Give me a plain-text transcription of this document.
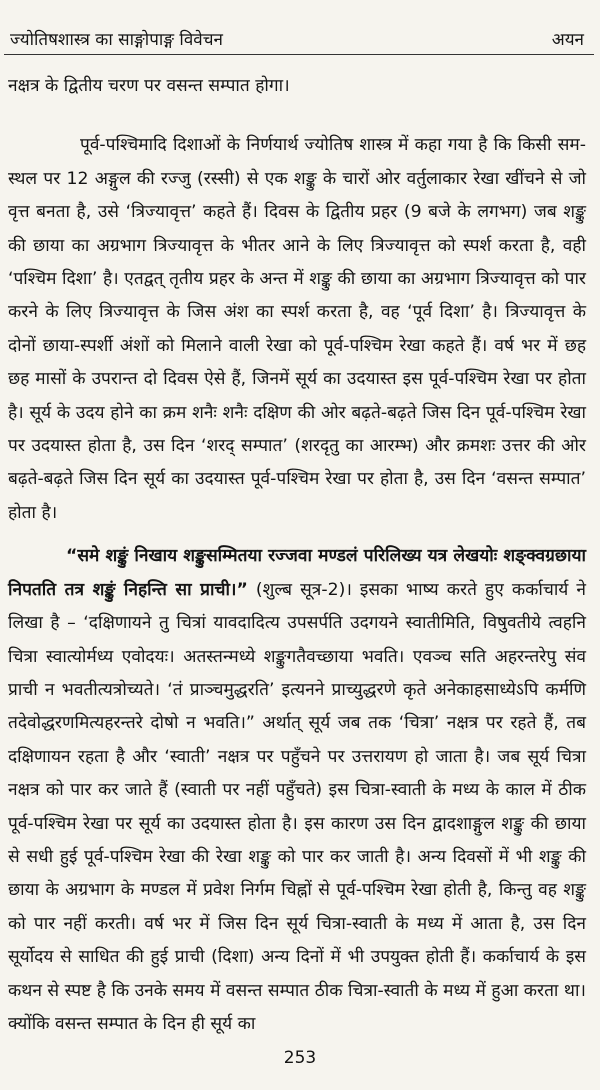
ज्योतिषशास्त्र का साङ्गोपाङ्ग विवेचन	अयन

नक्षत्र के द्वितीय चरण पर वसन्त सम्पात होगा।

पूर्व-पश्चिमादि दिशाओं के निर्णयार्थ ज्योतिष शास्त्र में कहा गया है कि किसी सम-स्थल पर 12 अङ्गुल की रज्जु (रस्सी) से एक शङ्कु के चारों ओर वर्तुलाकार रेखा खींचने से जो वृत्त बनता है, उसे ‘त्रिज्यावृत्त’ कहते हैं। दिवस के द्वितीय प्रहर (9 बजे के लगभग) जब शङ्कु की छाया का अग्रभाग त्रिज्यावृत्त के भीतर आने के लिए त्रिज्यावृत्त को स्पर्श करता है, वही ‘पश्चिम दिशा’ है। एतद्वत् तृतीय प्रहर के अन्त में शङ्कु की छाया का अग्रभाग त्रिज्यावृत्त को पार करने के लिए त्रिज्यावृत्त के जिस अंश का स्पर्श करता है, वह ‘पूर्व दिशा’ है। त्रिज्यावृत्त के दोनों छाया-स्पर्शी अंशों को मिलाने वाली रेखा को पूर्व-पश्चिम रेखा कहते हैं। वर्ष भर में छह छह मासों के उपरान्त दो दिवस ऐसे हैं, जिनमें सूर्य का उदयास्त इस पूर्व-पश्चिम रेखा पर होता है। सूर्य के उदय होने का क्रम शनैः शनैः दक्षिण की ओर बढ़ते-बढ़ते जिस दिन पूर्व-पश्चिम रेखा पर उदयास्त होता है, उस दिन ‘शरद् सम्पात’ (शरदृतु का आरम्भ) और क्रमशः उत्तर की ओर बढ़ते-बढ़ते जिस दिन सूर्य का उदयास्त पूर्व-पश्चिम रेखा पर होता है, उस दिन ‘वसन्त सम्पात’ होता है।

“समे शङ्कुं निखाय शङ्कुसम्मितया रज्जवा मण्डलं परिलिख्य यत्र लेखयोः शङ्क्वग्रछाया निपतति तत्र शङ्कुं निहन्ति सा प्राची।” (शुल्ब सूत्र-2)। इसका भाष्य करते हुए कर्काचार्य ने लिखा है – ‘दक्षिणायने तु चित्रां यावदादित्य उपसर्पति उदगयने स्वातीमिति, विषुवतीये त्वहनि चित्रा स्वात्योर्मध्य एवोदयः। अतस्तन्मध्ये शङ्कुगतैवच्छाया भवति। एवञ्च सति अहरन्तरेपु संव प्राची न भवतीत्यत्रोच्यते। ‘तं प्राञ्चमुद्धरति’ इत्यनने प्राच्युद्धरणे कृते अनेकाहसाध्येऽपि कर्मणि तदेवोद्धरणमित्यहरन्तरे दोषो न भवति।” अर्थात् सूर्य जब तक ‘चित्रा’ नक्षत्र पर रहते हैं, तब दक्षिणायन रहता है और ‘स्वाती’ नक्षत्र पर पहुँचने पर उत्तरायण हो जाता है। जब सूर्य चित्रा नक्षत्र को पार कर जाते हैं (स्वाती पर नहीं पहुँचते) इस चित्रा-स्वाती के मध्य के काल में ठीक पूर्व-पश्चिम रेखा पर सूर्य का उदयास्त होता है। इस कारण उस दिन द्वादशाङ्गुल शङ्कु की छाया से सधी हुई पूर्व-पश्चिम रेखा की रेखा शङ्कु को पार कर जाती है। अन्य दिवसों में भी शङ्कु की छाया के अग्रभाग के मण्डल में प्रवेश निर्गम चिह्नों से पूर्व-पश्चिम रेखा होती है, किन्तु वह शङ्कु को पार नहीं करती। वर्ष भर में जिस दिन सूर्य चित्रा-स्वाती के मध्य में आता है, उस दिन सूर्योदय से साधित की हुई प्राची (दिशा) अन्य दिनों में भी उपयुक्त होती हैं। कर्काचार्य के इस कथन से स्पष्ट है कि उनके समय में वसन्त सम्पात ठीक चित्रा-स्वाती के मध्य में हुआ करता था। क्योंकि वसन्त सम्पात के दिन ही सूर्य का

253
